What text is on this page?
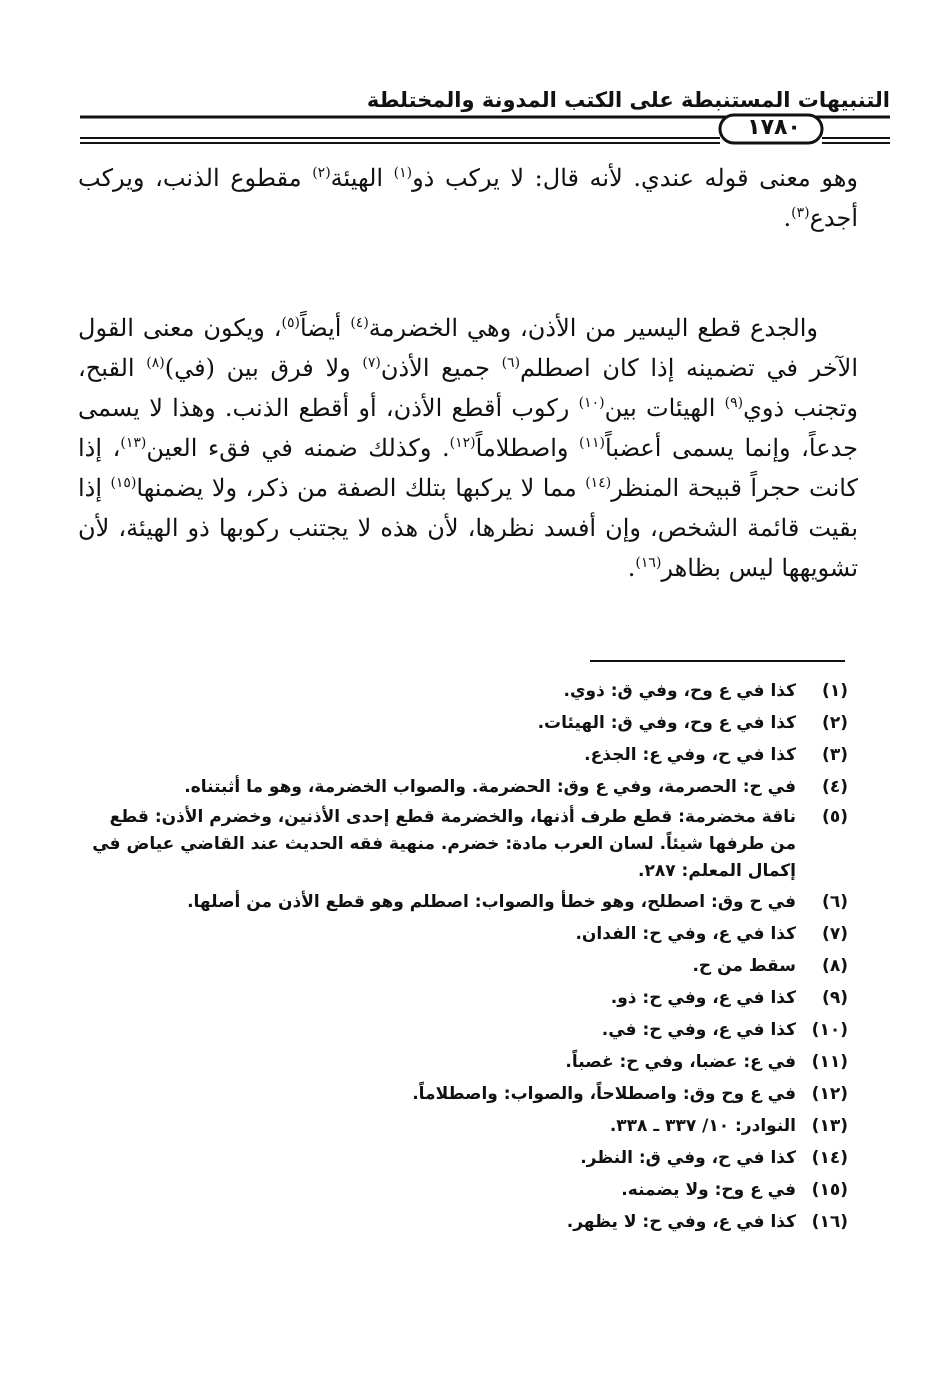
التنبيهات المستنبطة على الكتب المدونة والمختلطة
١٧٨٠

وهو معنى قوله عندي. لأنه قال: لا يركب ذو$^{(١)}$ الهيئة$^{(٢)}$ مقطوع الذنب، ويركب أجدع$^{(٣)}$.

والجدع قطع اليسير من الأذن، وهي الخضرمة$^{(٤)}$ أيضاً$^{(٥)}$، ويكون معنى القول الآخر في تضمينه إذا كان اصطلم$^{(٦)}$ جميع الأذن$^{(٧)}$ ولا فرق بين (في)$^{(٨)}$ القبح، وتجنب ذوي$^{(٩)}$ الهيئات بين$^{(١٠)}$ ركوب أقطع الأذن، أو أقطع الذنب. وهذا لا يسمى جدعاً، وإنما يسمى أعضباً$^{(١١)}$ واصطلاماً$^{(١٢)}$. وكذلك ضمنه في فقء العين$^{(١٣)}$، إذا كانت حجراً قبيحة المنظر$^{(١٤)}$ مما لا يركبها بتلك الصفة من ذكر، ولا يضمنها$^{(١٥)}$ إذا بقيت قائمة الشخص، وإن أفسد نظرها، لأن هذه لا يجتنب ركوبها ذو الهيئة، لأن تشويهها ليس بظاهر$^{(١٦)}$.

(١)
كذا في ع وح، وفي ق: ذوي.
(٢)
كذا في ع وح، وفي ق: الهيئات.
(٣)
كذا في ح، وفي ع: الجذع.
(٤)
في ح: الحصرمة، وفي ع وق: الحضرمة. والصواب الخضرمة، وهو ما أثبتناه.
(٥)
ناقة مخضرمة: قطع طرف أذنها، والخضرمة قطع إحدى الأذنين، وخضرم الأذن: قطع من طرفها شيئاً. لسان العرب مادة: خضرم. منهية فقه الحديث عند القاضي عياض في إكمال المعلم: ٢٨٧.
(٦)
في ح وق: اصطلح، وهو خطأ والصواب: اصطلم وهو قطع الأذن من أصلها.
(٧)
كذا في ع، وفي ح: الفدان.
(٨)
سقط من ح.
(٩)
كذا في ع، وفي ح: ذو.
(١٠)
كذا في ع، وفي ح: في.
(١١)
في ع: عضبا، وفي ح: غصباً.
(١٢)
في ع وح وق: واصطلاحاً، والصواب: واصطلاماً.
(١٣)
النوادر: ١٠/ ٣٣٧ ـ ٣٣٨.
(١٤)
كذا في ح، وفي ق: النظر.
(١٥)
في ع وح: ولا يضمنه.
(١٦)
كذا في ع، وفي ح: لا يظهر.
